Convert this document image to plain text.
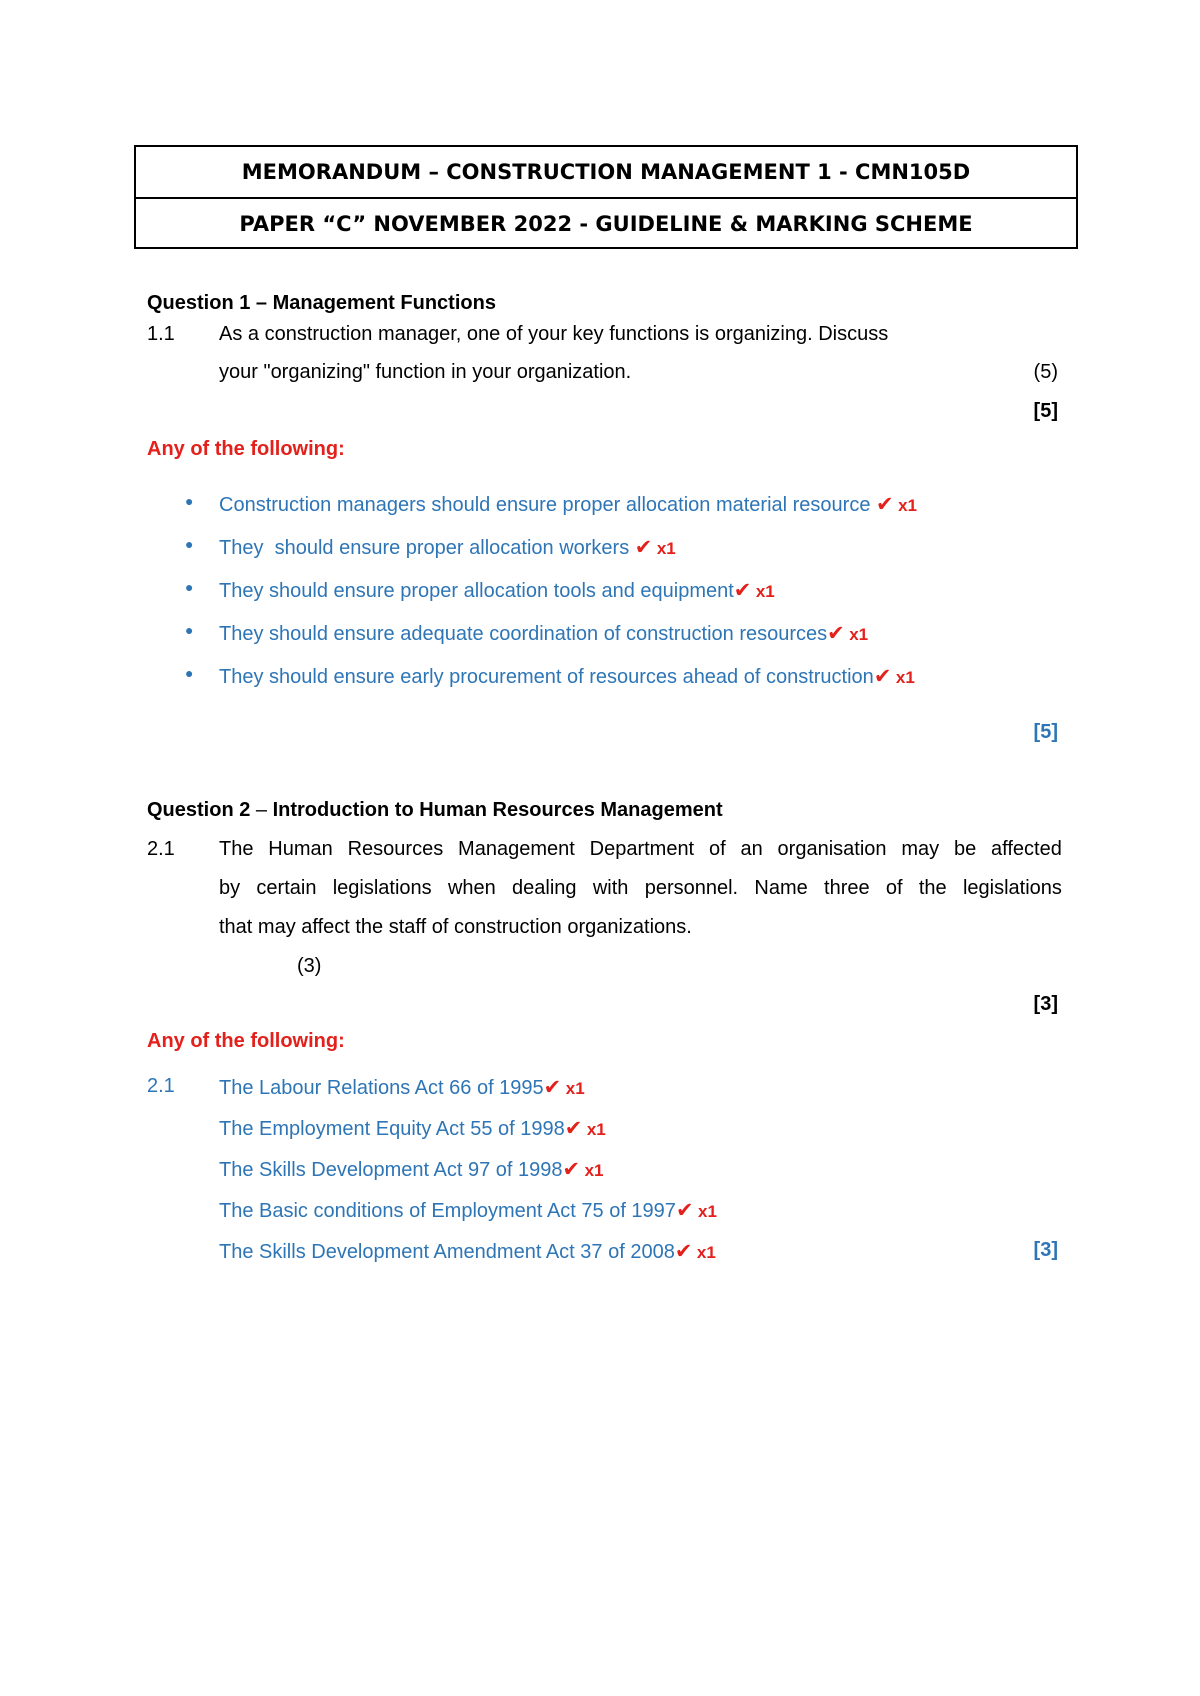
MEMORANDUM – CONSTRUCTION MANAGEMENT 1 - CMN105D
PAPER “C” NOVEMBER 2022 - GUIDELINE & MARKING SCHEME
Question 1 – Management Functions
1.1 As a construction manager, one of your key functions is organizing. Discuss
your "organizing" function in your organization.	(5)
[5]
Any of the following:
● Construction managers should ensure proper allocation material resource ✔ x1
● They  should ensure proper allocation workers ✔ x1
● They should ensure proper allocation tools and equipment✔ x1
● They should ensure adequate coordination of construction resources✔ x1
● They should ensure early procurement of resources ahead of construction✔ x1
[5]
Question 2 – Introduction to Human Resources Management
2.1 The Human Resources Management Department of an organisation may be affected
by certain legislations when dealing with personnel. Name three of the legislations
that may affect the staff of construction organizations.
(3)
[3]
Any of the following:
2.1 The Labour Relations Act 66 of 1995✔ x1
The Employment Equity Act 55 of 1998✔ x1
The Skills Development Act 97 of 1998✔ x1
The Basic conditions of Employment Act 75 of 1997✔ x1
The Skills Development Amendment Act 37 of 2008✔ x1	[3]
